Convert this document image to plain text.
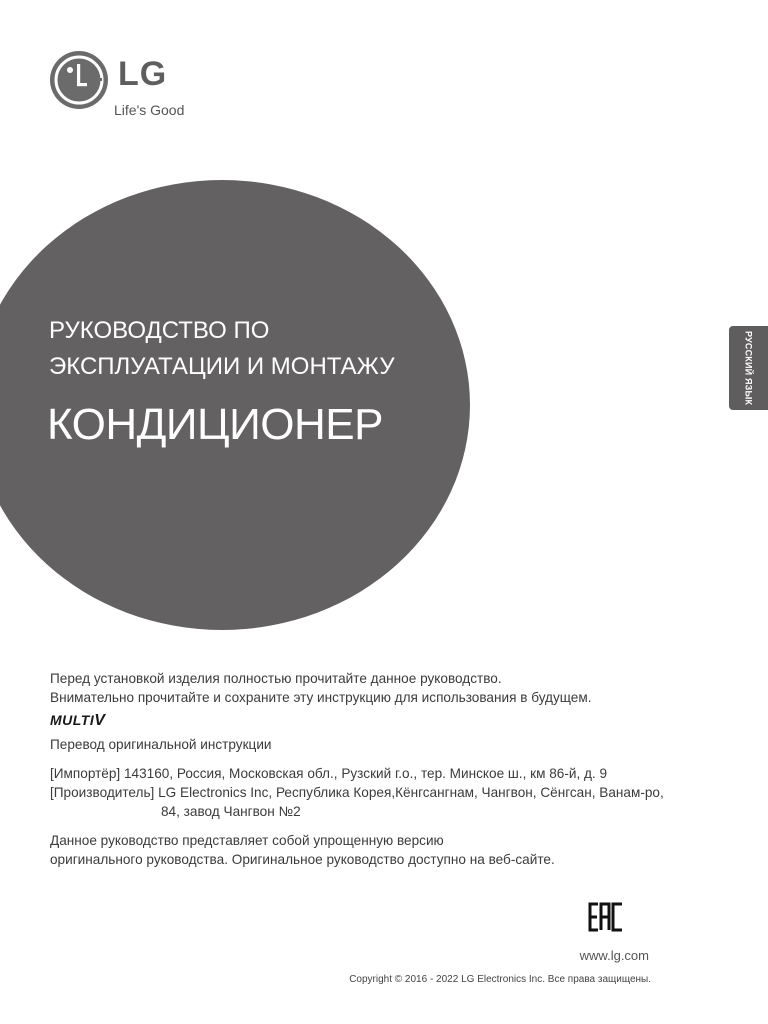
LG
Life's Good
РУКОВОДСТВО ПО
ЭКСПЛУАТАЦИИ И МОНТАЖУ
КОНДИЦИОНЕР
РУССКИЙ ЯЗЫК
Перед установкой изделия полностью прочитайте данное руководство.
Внимательно прочитайте и сохраните эту инструкцию для использования в будущем.
MULTIV
Перевод оригинальной инструкции
[Импортёр] 143160, Россия, Московская обл., Рузский г.о., тер. Минское ш., км 86-й, д. 9
[Производитель] LG Electronics Inc, Республика Корея,Кёнгсангнам, Чангвон, Сёнгсан, Ванам-ро,
84, завод Чангвон №2
Данное руководство представляет собой упрощенную версию
оригинального руководства. Оригинальное руководство доступно на веб-сайте.
www.lg.com
Copyright © 2016 - 2022 LG Electronics Inc. Все права защищены.
